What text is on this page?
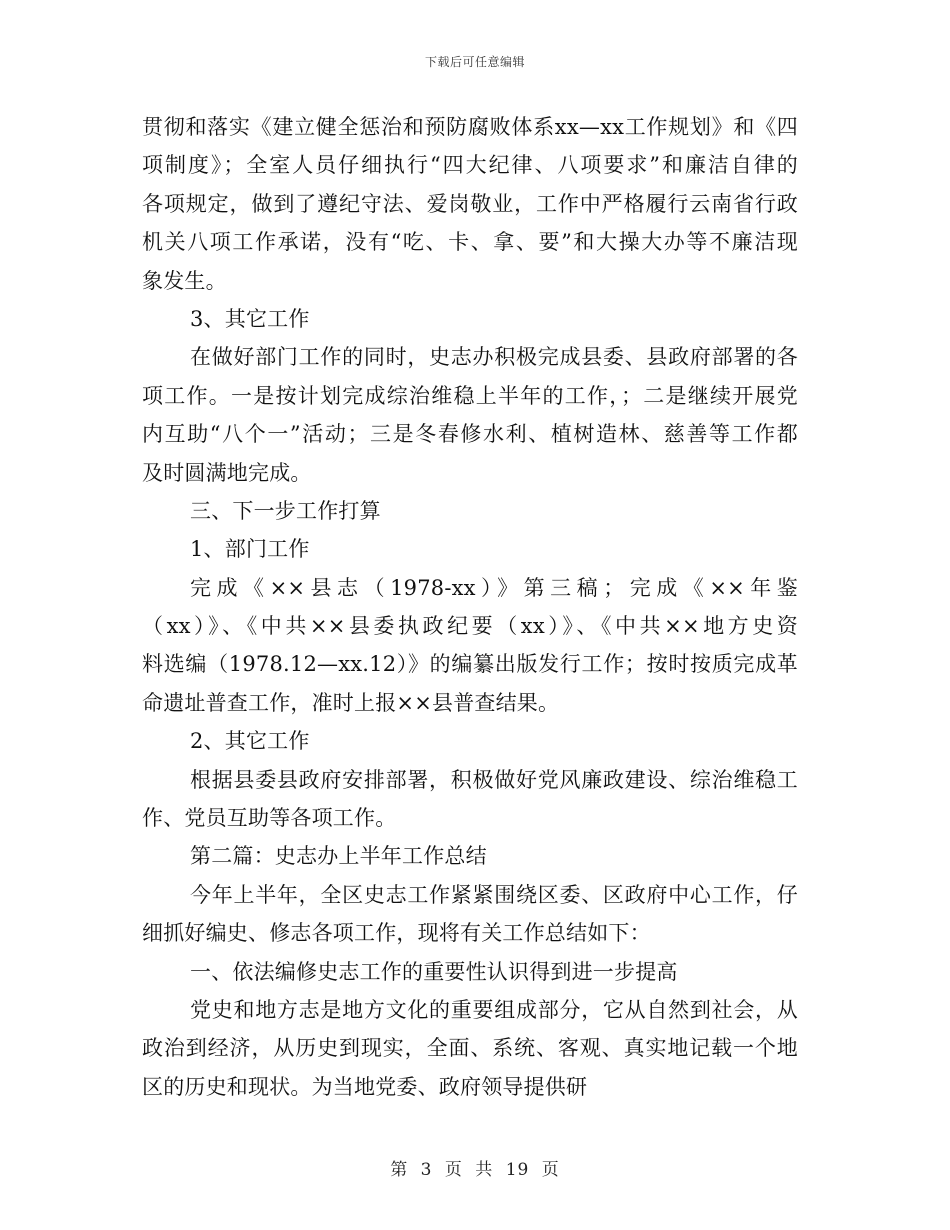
下载后可任意编辑
贯彻和落实《建立健全惩治和预防腐败体系xx—xx工作规划》和《四
项制度》；全室人员仔细执行“四大纪律、八项要求”和廉洁自律的
各项规定，做到了遵纪守法、爱岗敬业，工作中严格履行云南省行政
机关八项工作承诺，没有“吃、卡、拿、要”和大操大办等不廉洁现
象发生。
3、其它工作
在做好部门工作的同时，史志办积极完成县委、县政府部署的各
项工作。一是按计划完成综治维稳上半年的工作，；二是继续开展党
内互助“八个一”活动；三是冬春修水利、植树造林、慈善等工作都
及时圆满地完成。
三、下一步工作打算
1、部门工作
完成《××县志（1978-xx）》第三稿；完成《××年鉴
（xx）》、《中共××县委执政纪要（xx）》、《中共××地方史资
料选编（1978.12—xx.12）》的编纂出版发行工作；按时按质完成革
命遗址普查工作，准时上报××县普查结果。
2、其它工作
根据县委县政府安排部署，积极做好党风廉政建设、综治维稳工
作、党员互助等各项工作。
第二篇：史志办上半年工作总结
今年上半年，全区史志工作紧紧围绕区委、区政府中心工作，仔
细抓好编史、修志各项工作，现将有关工作总结如下：
一、依法编修史志工作的重要性认识得到进一步提高
党史和地方志是地方文化的重要组成部分，它从自然到社会，从
政治到经济，从历史到现实，全面、系统、客观、真实地记载一个地
区的历史和现状。为当地党委、政府领导提供研
第 3 页 共 19 页
